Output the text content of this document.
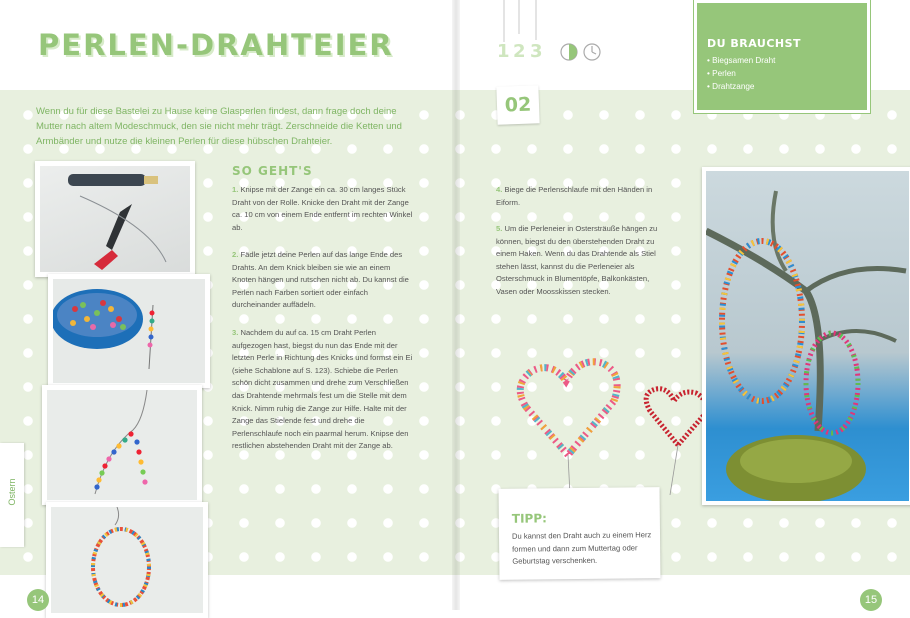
PERLEN-DRAHTEIER
Wenn du für diese Bastelei zu Hause keine Glasperlen findest, dann frage doch deine Mutter nach altem Modeschmuck, den sie nicht mehr trägt. Zerschneide die Ketten und Armbänder und nutze die kleinen Perlen für diese hübschen Drahteier.
1 2 3	DU BRAUCHST
• Biegsamen Draht
• Perlen
• Drahtzange
02
SO GEHT'S
1. Knipse mit der Zange ein ca. 30 cm langes Stück Draht von der Rolle. Knicke den Draht mit der Zange ca. 10 cm von einem Ende entfernt im rechten Winkel ab.
2. Fädle jetzt deine Perlen auf das lange Ende des Drahts. An dem Knick bleiben sie wie an einem Knoten hängen und rutschen nicht ab. Du kannst die Perlen nach Farben sortiert oder einfach durcheinander auffädeln.
3. Nachdem du auf ca. 15 cm Draht Perlen aufgezogen hast, biegst du nun das Ende mit der letzten Perle in Richtung des Knicks und formst ein Ei (siehe Schablone auf S. 123). Schiebe die Perlen schön dicht zusammen und drehe zum Verschließen das Drahtende mehrmals fest um die Stelle mit dem Knick. Nimm ruhig die Zange zur Hilfe. Halte mit der Zange das Stielende fest und drehe die Perlenschlaufe noch ein paarmal herum. Knipse den restlichen abstehenden Draht mit der Zange ab.
4. Biege die Perlenschlaufe mit den Händen in Eiform.
5. Um die Perleneier in Ostersträuße hängen zu können, biegst du den überstehenden Draht zu einem Haken. Wenn du das Drahtende als Stiel stehen lässt, kannst du die Perleneier als Osterschmuck in Blumentöpfe, Balkonkästen, Vasen oder Moosskissen stecken.
TIPP:
Du kannst den Draht auch zu einem Herz formen und dann zum Muttertag oder Geburtstag verschenken.
Ostern
14	15
